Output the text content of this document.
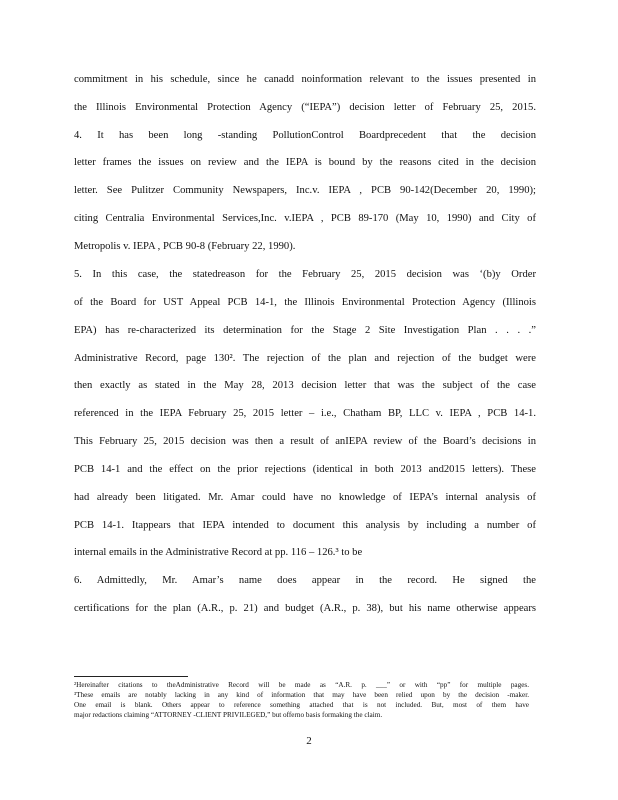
commitment in his schedule, since he canadd noinformation relevant to the issues presented in
the Illinois Environmental Protection Agency (“IEPA”) decision letter of February 25, 2015.
4. It has been long -standing PollutionControl Boardprecedent that the decision
letter frames the issues on review and the IEPA is bound by the reasons cited in the decision
letter. See Pulitzer Community Newspapers, Inc.v. IEPA , PCB 90-142(December 20, 1990);
citing Centralia Environmental Services,Inc. v.IEPA , PCB 89-170 (May 10, 1990) and City of
Metropolis v. IEPA , PCB 90-8 (February 22, 1990).
5. In this case, the statedreason for the February 25, 2015 decision was ‘(b)y Order
of the Board for UST Appeal PCB 14-1, the Illinois Environmental Protection Agency (Illinois
EPA) has re-characterized its determination for the Stage 2 Site Investigation Plan . . . .”
Administrative Record, page 130². The rejection of the plan and rejection of the budget were
then exactly as stated in the May 28, 2013 decision letter that was the subject of the case
referenced in the IEPA February 25, 2015 letter – i.e., Chatham BP, LLC v. IEPA , PCB 14-1.
This February 25, 2015 decision was then a result of anIEPA review of the Board’s decisions in
PCB 14-1 and the effect on the prior rejections (identical in both 2013 and2015 letters). These
had already been litigated. Mr. Amar could have no knowledge of IEPA’s internal analysis of
PCB 14-1. Itappears that IEPA intended to document this analysis by including a number of
internal emails in the Administrative Record at pp. 116 – 126.³ to be
6. Admittedly, Mr. Amar’s name does appear in the record. He signed the
certifications for the plan (A.R., p. 21) and budget (A.R., p. 38), but his name otherwise appears
²Hereinafter citations to theAdministrative Record will be made as “A.R. p. ___” or with “pp” for multiple pages.
³These emails are notably lacking in any kind of information that may have been relied upon by the decision -maker.
One email is blank. Others appear to reference something attached that is not included. But, most of them have
major redactions claiming “ATTORNEY -CLIENT PRIVILEGED,” but offerno basis formaking the claim.
2
